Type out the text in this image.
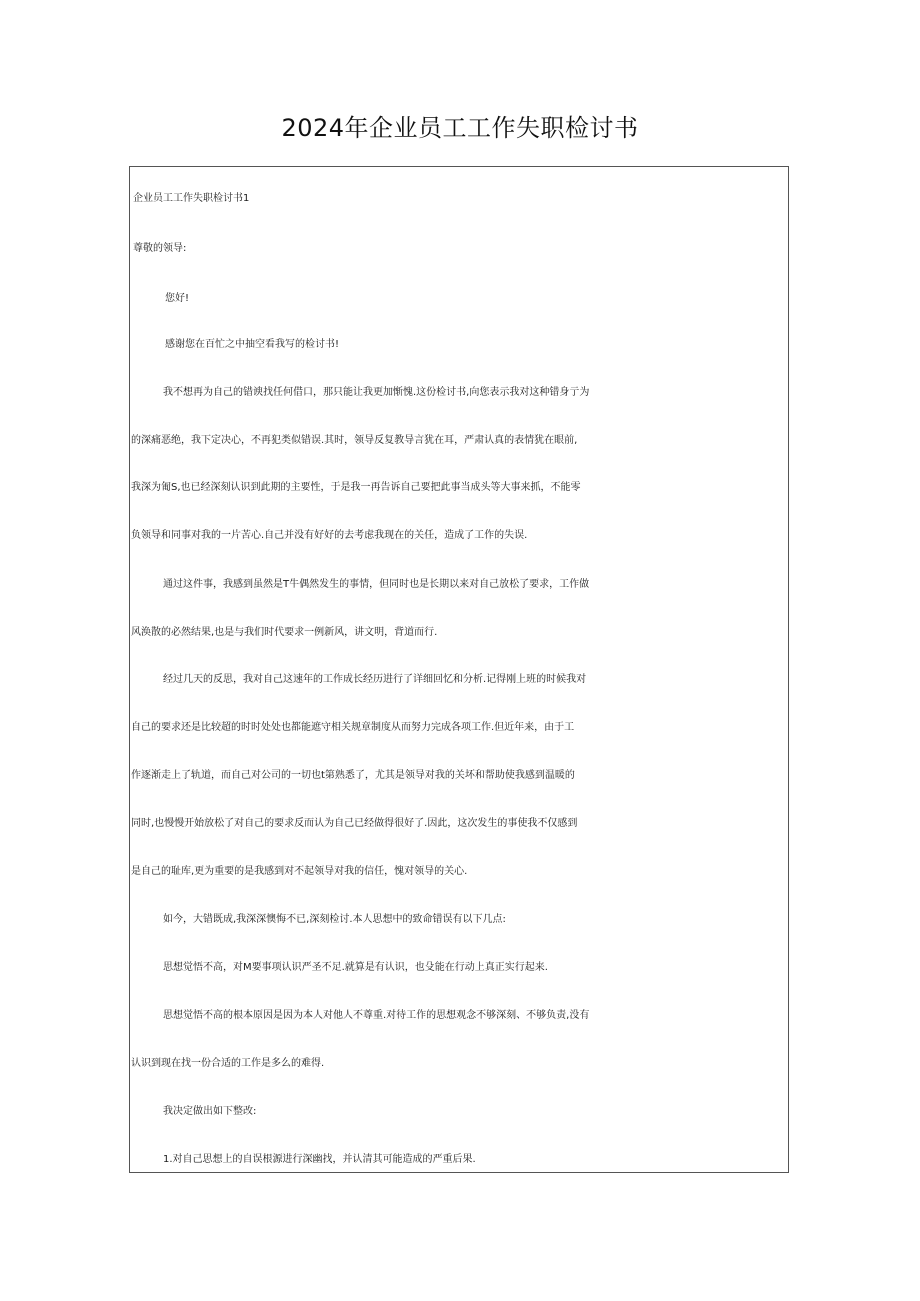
2024年企业员工工作失职检讨书
企业员工工作失职检讨书1
尊敬的领导:
您好!
感谢您在百忙之中抽空看我写的检讨书!
我不想再为自己的错谀找任何借口，那只能让我更加惭愧.这份检讨书,向您表示我对这种错身亍为
的深痛恶绝，我下定决心，不再犯类似错误.其时，领导反复教导言犹在耳，严肃认真的表情犹在眼前,
我深为匍S,也已经深刻认识到此期的主要性，于是我一再告诉自己要把此事当成头等大事来抓，不能零
负领导和同事对我的一片苦心.自己并没有好好的去考虑我现在的关任，造成了工作的失误.
通过这件事，我感到虽然是T牛偶然发生的事情，但同时也是长期以来对自己放松了要求，工作做
风涣散的必然结果,也是与我们时代要求一例新风，讲文明，背道而行.
经过几天的反思，我对自己这速年的工作成长经历进行了详细回忆和分析.记得刚上班的时候我对
自己的要求还是比较超的时时处处也都能遮守相关规章制度从而努力完成各项工作.但近年来，由于工
作逐渐走上了轨道，而自己对公司的一切也t第熟悉了，尤其是领导对我的关坏和帮助使我感到温暖的
同时,也慢慢开始放松了对自己的要求反而认为自己已经做得很好了.因此，这次发生的事使我不仅感到
是自己的耻库,更为重要的是我感到对不起领导对我的信任，愧对领导的关心.
如今，大错既成,我深深懊悔不已,深刻检讨.本人思想中的致命错误有以下几点:
思想觉悟不高，对M要事项认识严圣不足.就算是有认识，也殳能在行动上真正实行起来.
思想觉悟不高的根本原因是因为本人对他人不尊重.对待工作的思想观念不够深刻、不够负责,没有
认识到现在找一份合适的工作是多么的难得.
我决定做出如下整改:
1.对自己思想上的自误根源进行深幽找，并认清其可能造成的严重后果.
